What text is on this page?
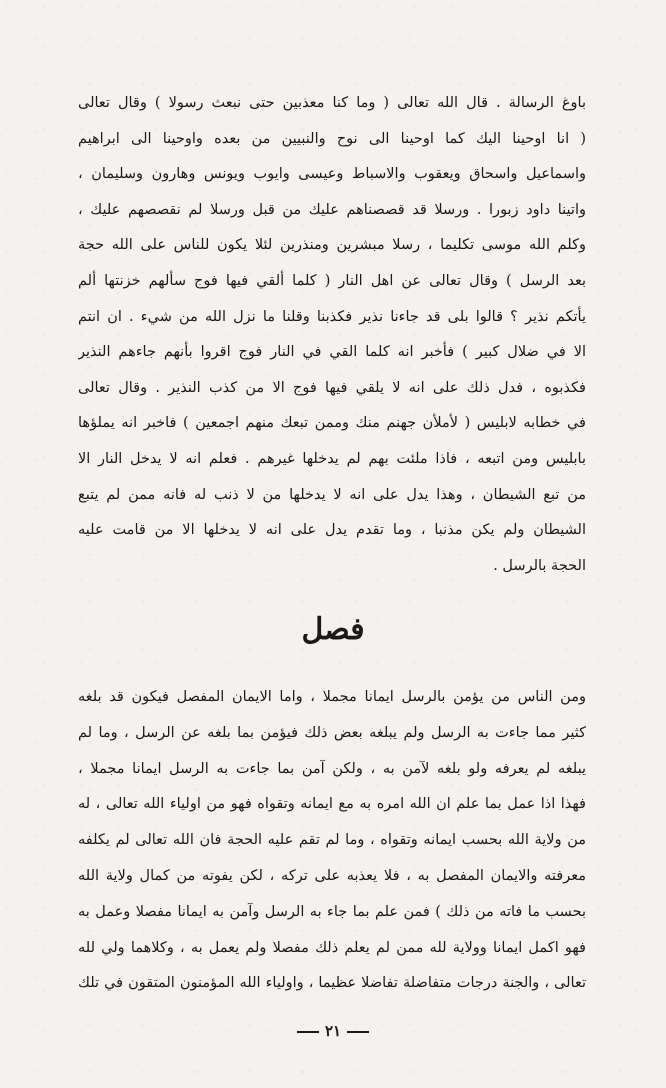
باوغ الرسالة . قال الله تعالى ( وما كنا معذبين حتى نبعث رسولا ) وقال تعالى
( انا اوحينا اليك كما اوحينا الى نوح والنبيين من بعده واوحينا الى ابراهيم
واسماعيل واسحاق ويعقوب والاسباط وعيسى وايوب ويونس وهارون وسليمان ،
واتينا داود زبورا . ورسلا قد قصصناهم عليك من قبل ورسلا لم نقصصهم عليك ،
وكلم الله موسى تكليما ، رسلا مبشرين ومنذرين لئلا يكون للناس على الله حجة
بعد الرسل ) وقال تعالى عن اهل النار ( كلما ألقي فيها فوج سألهم خزنتها ألم
يأتكم نذير ؟ قالوا بلى قد جاءنا نذير فكذبنا وقلنا ما نزل الله من شيء . ان انتم
الا في ضلال كبير ) فأخبر انه كلما القي في النار فوج اقروا بأنهم جاءهم النذير
فكذبوه ، فدل ذلك على انه لا يلقي فيها فوج الا من كذب النذير . وقال تعالى
في خطابه لابليس ( لأملأن جهنم منك وممن تبعك منهم اجمعين ) فاخبر انه يملؤها
بابليس ومن اتبعه ، فاذا ملئت بهم لم يدخلها غيرهم . فعلم انه لا يدخل النار الا
من تبع الشيطان ، وهذا يدل على انه لا يدخلها من لا ذنب له فانه ممن لم يتبع
الشيطان ولم يكن مذنبا ، وما تقدم يدل على انه لا يدخلها الا من قامت عليه
الحجة بالرسل .
فصل
ومن الناس من يؤمن بالرسل ايمانا مجملا ، واما الايمان المفصل فيكون قد بلغه
كثير مما جاءت به الرسل ولم يبلغه بعض ذلك فيؤمن بما بلغه عن الرسل ، وما لم
يبلغه لم يعرفه ولو بلغه لآمن به ، ولكن آمن بما جاءت به الرسل ايمانا مجملا ،
فهذا اذا عمل بما علم ان الله امره به مع ايمانه وتقواه فهو من اولياء الله تعالى ، له
من ولاية الله بحسب ايمانه وتقواه ، وما لم تقم عليه الحجة فان الله تعالى لم يكلفه
معرفته والايمان المفصل به ، فلا يعذبه على تركه ، لكن يفوته من كمال ولاية الله
بحسب ما فاته من ذلك ) فمن علم بما جاء به الرسل وآمن به ايمانا مفصلا وعمل به
فهو اكمل ايمانا وولاية لله ممن لم يعلم ذلك مفصلا ولم يعمل به ، وكلاهما ولي لله
تعالى ، والجنة درجات متفاضلة تفاضلا عظيما ، واولياء الله المؤمنون المتقون في تلك
٢١
